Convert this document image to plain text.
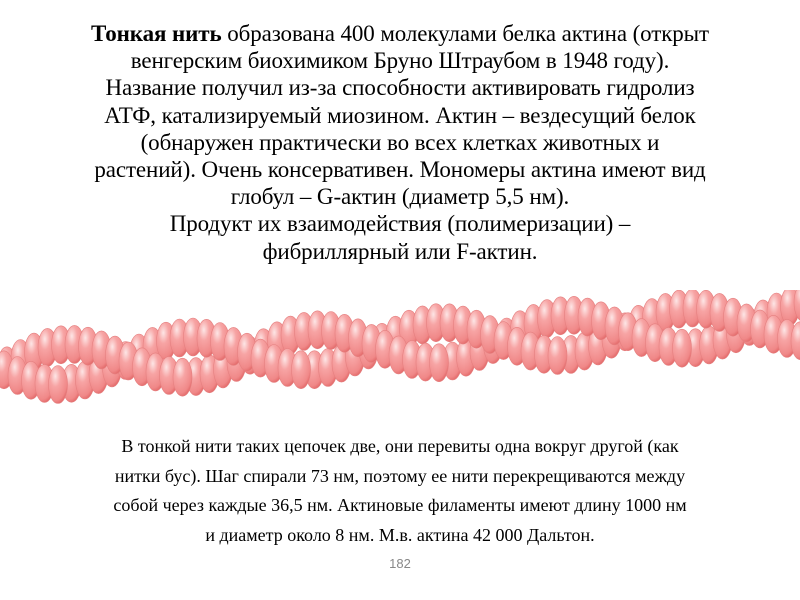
Тонкая нить образована 400 молекулами белка актина (открыт
венгерским биохимиком Бруно Штраубом в 1948 году).
Название получил из-за способности активировать гидролиз
АТФ, катализируемый миозином. Актин – вездесущий белок
(обнаружен практически во всех клетках животных и
растений). Очень консервативен. Мономеры актина имеют вид
глобул – G-актин (диаметр 5,5 нм).
Продукт их взаимодействия (полимеризации) –
фибриллярный или F-актин.
В тонкой нити таких цепочек две, они перевиты одна вокруг другой (как
нитки бус). Шаг спирали 73 нм, поэтому ее нити перекрещиваются между
собой через каждые 36,5 нм. Актиновые филаменты имеют длину 1000 нм
и диаметр около 8 нм. М.в. актина 42 000 Дальтон.
182
